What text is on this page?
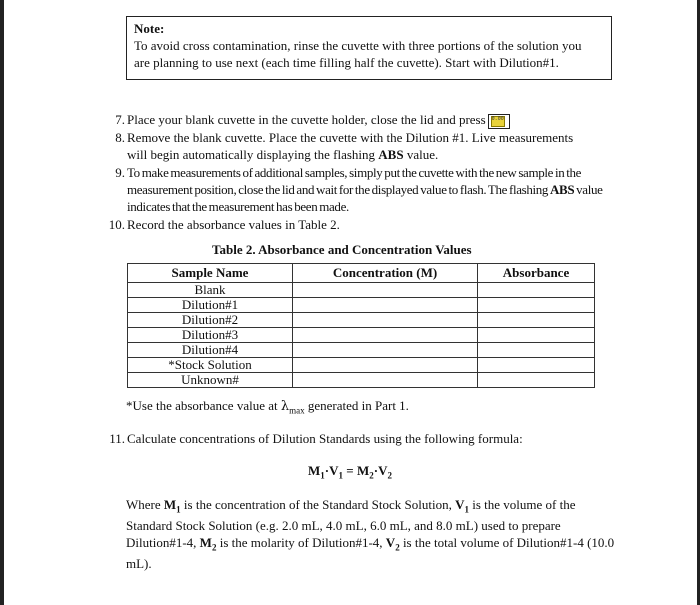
Note:
To avoid cross contamination, rinse the cuvette with three portions of the solution you
are planning to use next (each time filling half the cuvette). Start with Dilution#1.
7. Place your blank cuvette in the cuvette holder, close the lid and press 0.00
8. Remove the blank cuvette. Place the cuvette with the Dilution #1. Live measurements
will begin automatically displaying the flashing ABS value.
9. To make measurements of additional samples, simply put the cuvette with the new sample in the
measurement position, close the lid and wait for the displayed value to flash. The flashing ABS value
indicates that the measurement has been made.
10. Record the absorbance values in Table 2.
Table 2. Absorbance and Concentration Values
Sample Name	Concentration (M)	Absorbance
Blank		
Dilution#1		
Dilution#2		
Dilution#3		
Dilution#4		
*Stock Solution		
Unknown#		
*Use the absorbance value at $\lambda_{max}$ generated in Part 1.
11. Calculate concentrations of Dilution Standards using the following formula:
$M_1\cdot V_1 = M_2\cdot V_2$
Where $M_1$ is the concentration of the Standard Stock Solution, $V_1$ is the volume of the Standard Stock Solution (e.g. 2.0 mL, 4.0 mL, 6.0 mL, and 8.0 mL) used to prepare Dilution#1-4, $M_2$ is the molarity of Dilution#1-4, $V_2$ is the total volume of Dilution#1-4 (10.0 mL).
